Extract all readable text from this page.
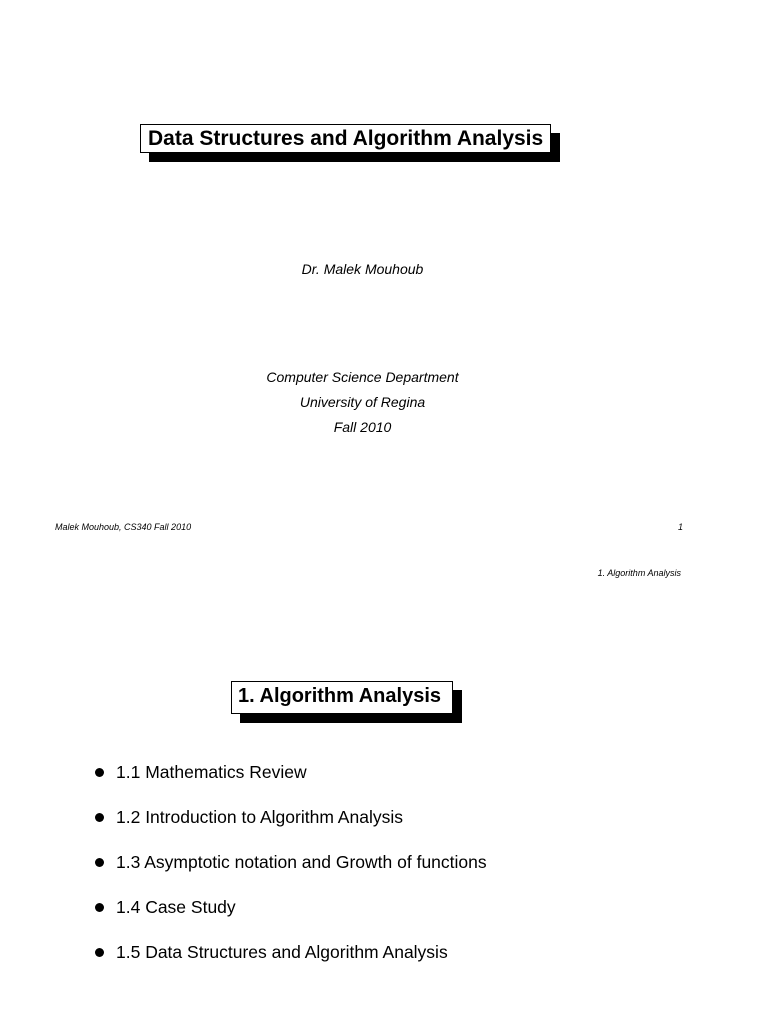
Data Structures and Algorithm Analysis
Dr. Malek Mouhoub
Computer Science Department
University of Regina
Fall 2010
Malek Mouhoub, CS340 Fall 2010	1
1. Algorithm Analysis
1. Algorithm Analysis
1.1 Mathematics Review
1.2 Introduction to Algorithm Analysis
1.3 Asymptotic notation and Growth of functions
1.4 Case Study
1.5 Data Structures and Algorithm Analysis
